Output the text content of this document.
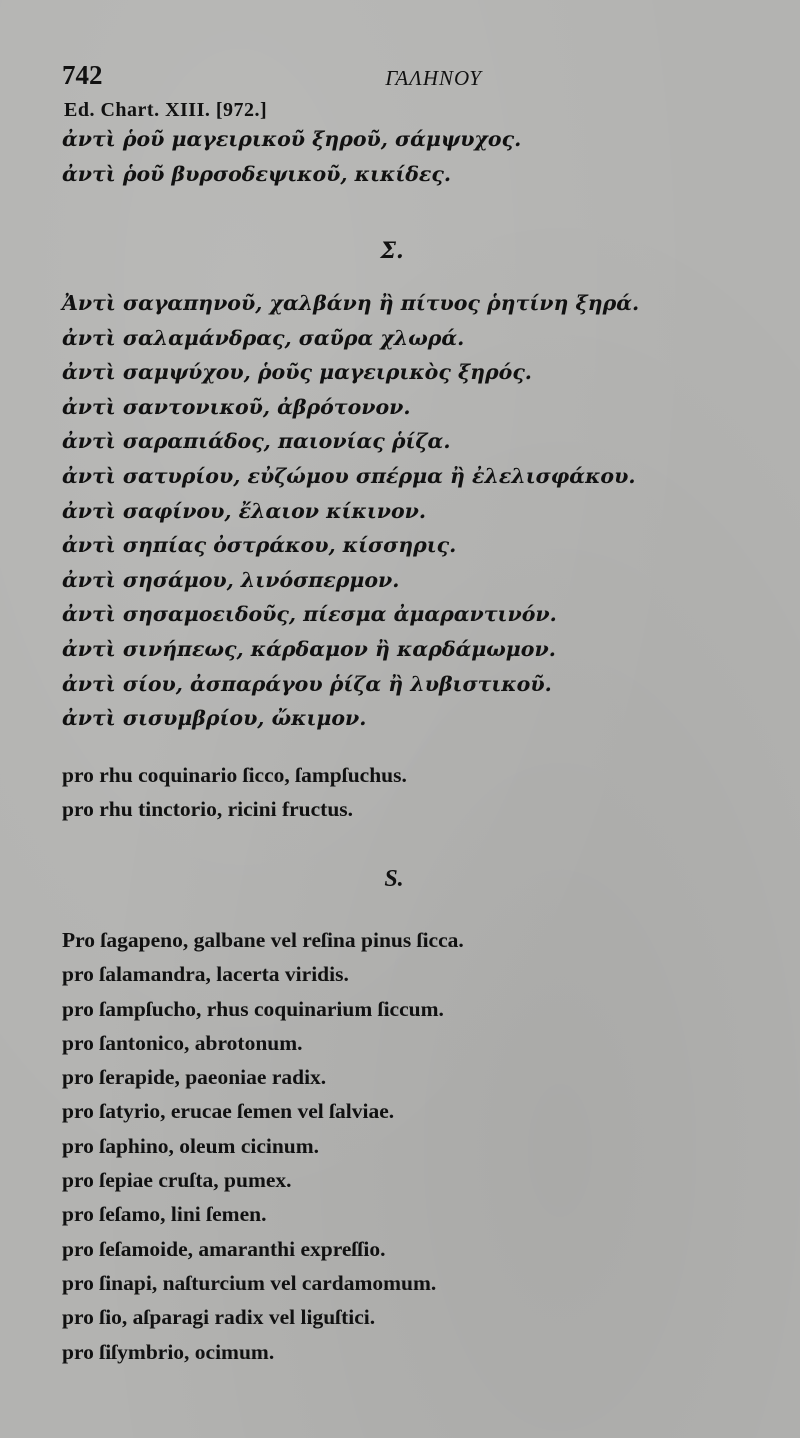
742	ΓΑΛΗΝΟΥ
Ed. Chart. XIII. [972.]
ἀντὶ ῥοῦ μαγειρικοῦ ξηροῦ, σάμψυχος.
ἀντὶ ῥοῦ βυρσοδεψικοῦ, κικίδες.
Σ.
Ἀντὶ σαγαπηνοῦ, χαλβάνη ἢ πίτυος ῥητίνη ξηρά.
ἀντὶ σαλαμάνδρας, σαῦρα χλωρά.
ἀντὶ σαμψύχου, ῥοῦς μαγειρικὸς ξηρός.
ἀντὶ σαντονικοῦ, ἀβρότονον.
ἀντὶ σαραπιάδος, παιονίας ῥίζα.
ἀντὶ σατυρίου, εὐζώμου σπέρμα ἢ ἐλελισφάκου.
ἀντὶ σαφίνου, ἔλαιον κίκινον.
ἀντὶ σηπίας ὀστράκου, κίσσηρις.
ἀντὶ σησάμου, λινόσπερμον.
ἀντὶ σησαμοειδοῦς, πίεσμα ἀμαραντινόν.
ἀντὶ σινήπεως, κάρδαμον ἢ καρδάμωμον.
ἀντὶ σίου, ἀσπαράγου ῥίζα ἢ λυβιστικοῦ.
ἀντὶ σισυμβρίου, ὤκιμον.
pro rhu coquinario ſicco, ſampſuchus.
pro rhu tinctorio, ricini fructus.
S.
Pro ſagapeno, galbane vel reſina pinus ſicca.
pro ſalamandra, lacerta viridis.
pro ſampſucho, rhus coquinarium ſiccum.
pro ſantonico, abrotonum.
pro ſerapide, paeoniae radix.
pro ſatyrio, erucae ſemen vel ſalviae.
pro ſaphino, oleum cicinum.
pro ſepiae cruſta, pumex.
pro ſeſamo, lini ſemen.
pro ſeſamoide, amaranthi expreſſio.
pro ſinapi, naſturcium vel cardamomum.
pro ſio, aſparagi radix vel liguſtici.
pro ſiſymbrio, ocimum.
